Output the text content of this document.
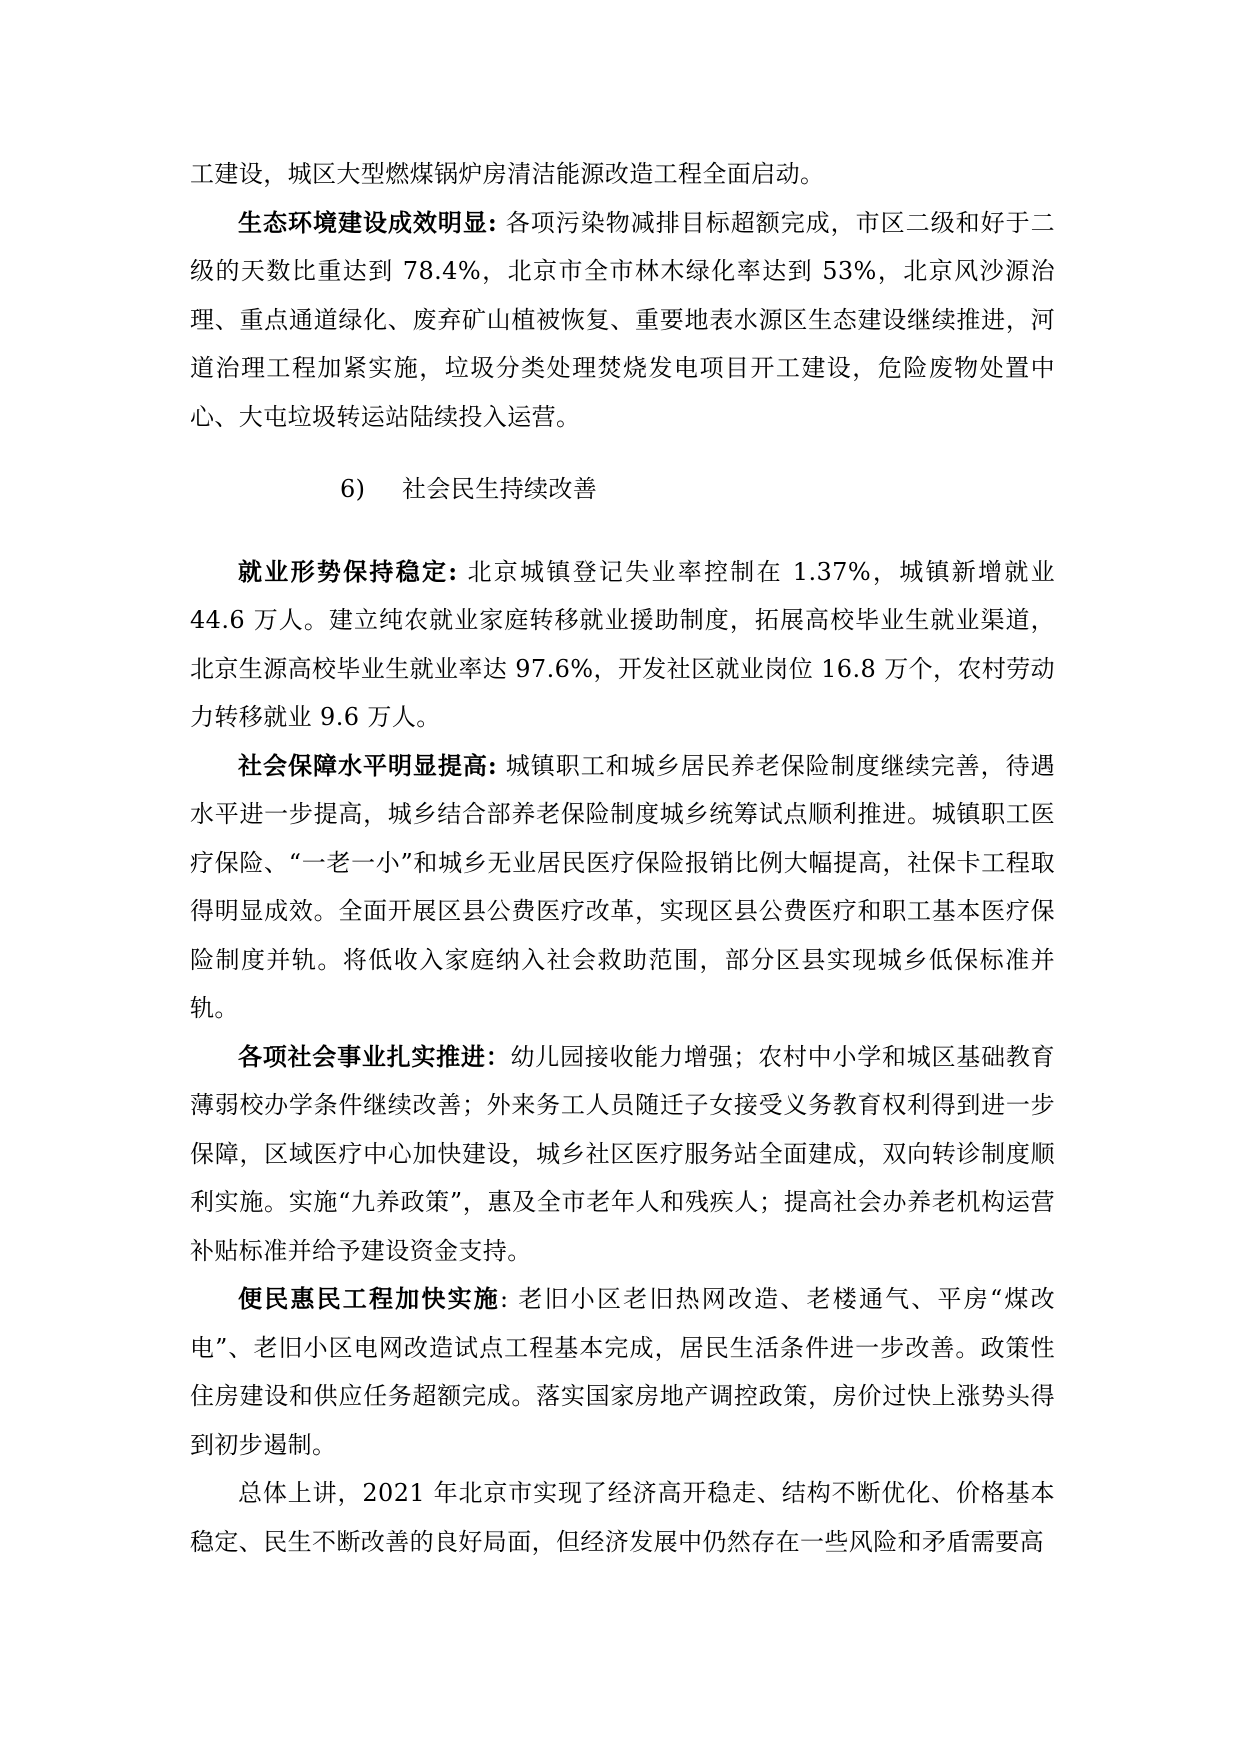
工建设，城区大型燃煤锅炉房清洁能源改造工程全面启动。

生态环境建设成效明显: 各项污染物减排目标超额完成，市区二级和好于二级的天数比重达到 78.4%，北京市全市林木绿化率达到 53%，北京风沙源治理、重点通道绿化、废弃矿山植被恢复、重要地表水源区生态建设继续推进，河道治理工程加紧实施，垃圾分类处理焚烧发电项目开工建设，危险废物处置中心、大屯垃圾转运站陆续投入运营。

6) 社会民生持续改善

就业形势保持稳定: 北京城镇登记失业率控制在 1.37%，城镇新增就业 44.6 万人。建立纯农就业家庭转移就业援助制度，拓展高校毕业生就业渠道，北京生源高校毕业生就业率达 97.6%，开发社区就业岗位 16.8 万个，农村劳动力转移就业 9.6 万人。

社会保障水平明显提高: 城镇职工和城乡居民养老保险制度继续完善，待遇水平进一步提高，城乡结合部养老保险制度城乡统筹试点顺利推进。城镇职工医疗保险、“一老一小”和城乡无业居民医疗保险报销比例大幅提高，社保卡工程取得明显成效。全面开展区县公费医疗改革，实现区县公费医疗和职工基本医疗保险制度并轨。将低收入家庭纳入社会救助范围，部分区县实现城乡低保标准并轨。

各项社会事业扎实推进：幼儿园接收能力增强；农村中小学和城区基础教育薄弱校办学条件继续改善；外来务工人员随迁子女接受义务教育权利得到进一步保障，区域医疗中心加快建设，城乡社区医疗服务站全面建成，双向转诊制度顺利实施。实施“九养政策”，惠及全市老年人和残疾人；提高社会办养老机构运营补贴标准并给予建设资金支持。

便民惠民工程加快实施: 老旧小区老旧热网改造、老楼通气、平房“煤改电”、老旧小区电网改造试点工程基本完成，居民生活条件进一步改善。政策性住房建设和供应任务超额完成。落实国家房地产调控政策，房价过快上涨势头得到初步遏制。

总体上讲，2021 年北京市实现了经济高开稳走、结构不断优化、价格基本稳定、民生不断改善的良好局面，但经济发展中仍然存在一些风险和矛盾需要高
